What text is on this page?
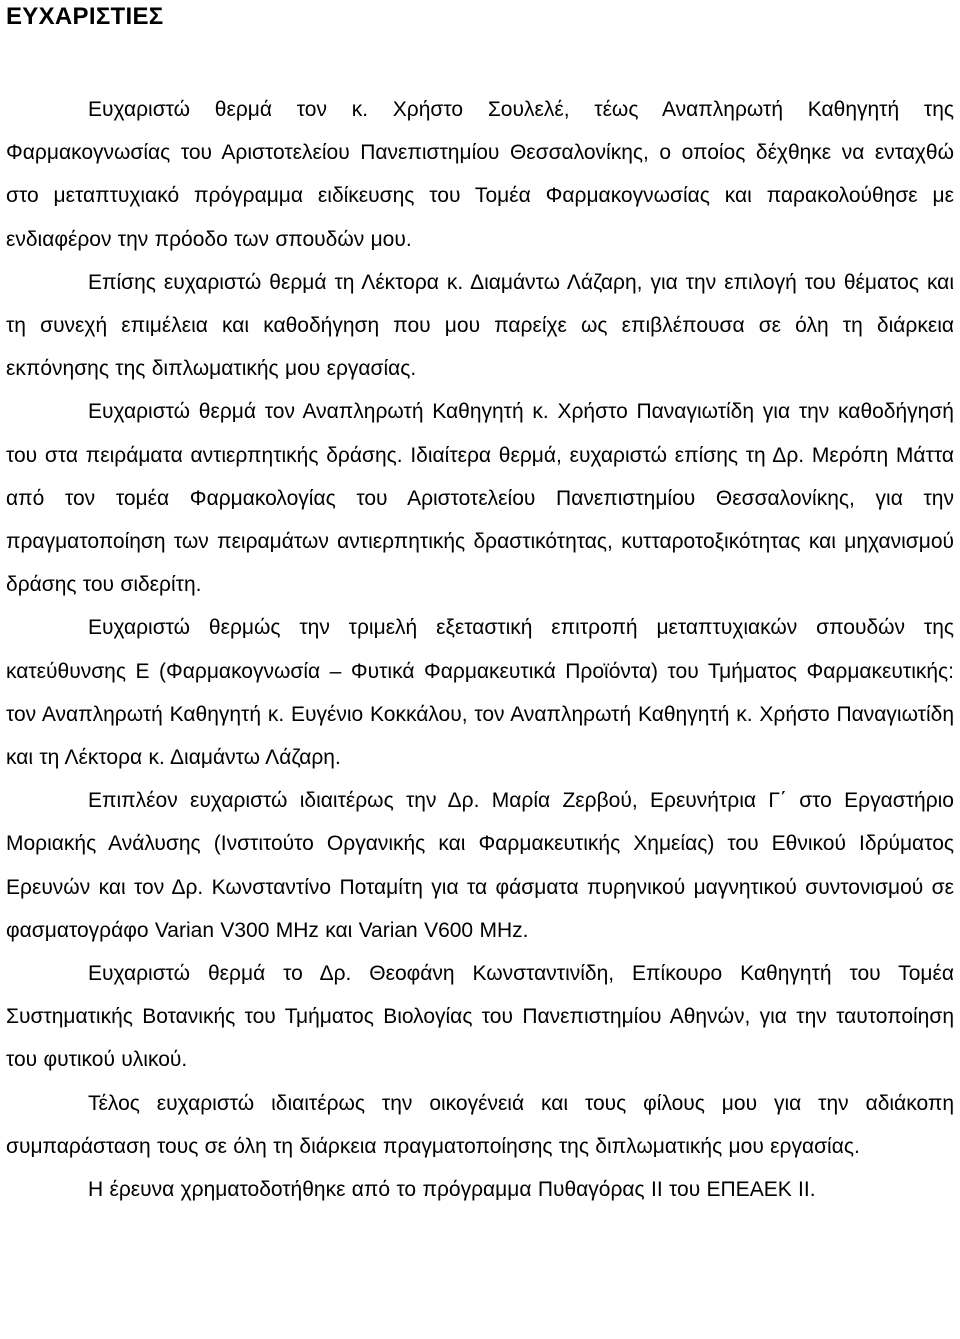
ΕΥΧΑΡΙΣΤΙΕΣ

Ευχαριστώ θερμά τον κ. Χρήστο Σουλελέ, τέως Αναπληρωτή Καθηγητή της Φαρμακογνωσίας του Αριστοτελείου Πανεπιστημίου Θεσσαλονίκης, ο οποίος δέχθηκε να ενταχθώ στο μεταπτυχιακό πρόγραμμα ειδίκευσης του Τομέα Φαρμακογνωσίας και παρακολούθησε με ενδιαφέρον την πρόοδο των σπουδών μου.

Επίσης ευχαριστώ θερμά τη Λέκτορα κ. Διαμάντω Λάζαρη, για την επιλογή του θέματος και τη συνεχή επιμέλεια και καθοδήγηση που μου παρείχε ως επιβλέπουσα σε όλη τη διάρκεια εκπόνησης της διπλωματικής μου εργασίας.

Ευχαριστώ θερμά τον Αναπληρωτή Καθηγητή κ. Χρήστο Παναγιωτίδη για την καθοδήγησή του στα πειράματα αντιερπητικής δράσης. Ιδιαίτερα θερμά, ευχαριστώ επίσης τη Δρ. Μερόπη Μάττα από τον τομέα Φαρμακολογίας του Αριστοτελείου Πανεπιστημίου Θεσσαλονίκης, για την πραγματοποίηση των πειραμάτων αντιερπητικής δραστικότητας, κυτταροτοξικότητας και μηχανισμού δράσης του σιδερίτη.

Ευχαριστώ θερμώς την τριμελή εξεταστική επιτροπή μεταπτυχιακών σπουδών της κατεύθυνσης Ε (Φαρμακογνωσία – Φυτικά Φαρμακευτικά Προϊόντα) του Τμήματος Φαρμακευτικής: τον Αναπληρωτή Καθηγητή κ. Ευγένιο Κοκκάλου, τον Αναπληρωτή Καθηγητή κ. Χρήστο Παναγιωτίδη και τη Λέκτορα κ. Διαμάντω Λάζαρη.

Επιπλέον ευχαριστώ ιδιαιτέρως την Δρ. Μαρία Ζερβού, Ερευνήτρια Γ΄ στο Εργαστήριο Μοριακής Ανάλυσης (Ινστιτούτο Οργανικής και Φαρμακευτικής Χημείας) του Εθνικού Ιδρύματος Ερευνών και τον Δρ. Κωνσταντίνο Ποταμίτη για τα φάσματα πυρηνικού μαγνητικού συντονισμού σε φασματογράφο Varian V300 MHz και Varian V600 MHz.

Ευχαριστώ θερμά το Δρ. Θεοφάνη Κωνσταντινίδη, Επίκουρο Καθηγητή του Τομέα Συστηματικής Βοτανικής του Τμήματος Βιολογίας του Πανεπιστημίου Αθηνών, για την ταυτοποίηση του φυτικού υλικού.

Τέλος ευχαριστώ ιδιαιτέρως την οικογένειά και τους φίλους μου για την αδιάκοπη συμπαράσταση τους σε όλη τη διάρκεια πραγματοποίησης της διπλωματικής μου εργασίας.

Η έρευνα χρηματοδοτήθηκε από το πρόγραμμα Πυθαγόρας ΙΙ του ΕΠΕΑΕΚ ΙΙ.
